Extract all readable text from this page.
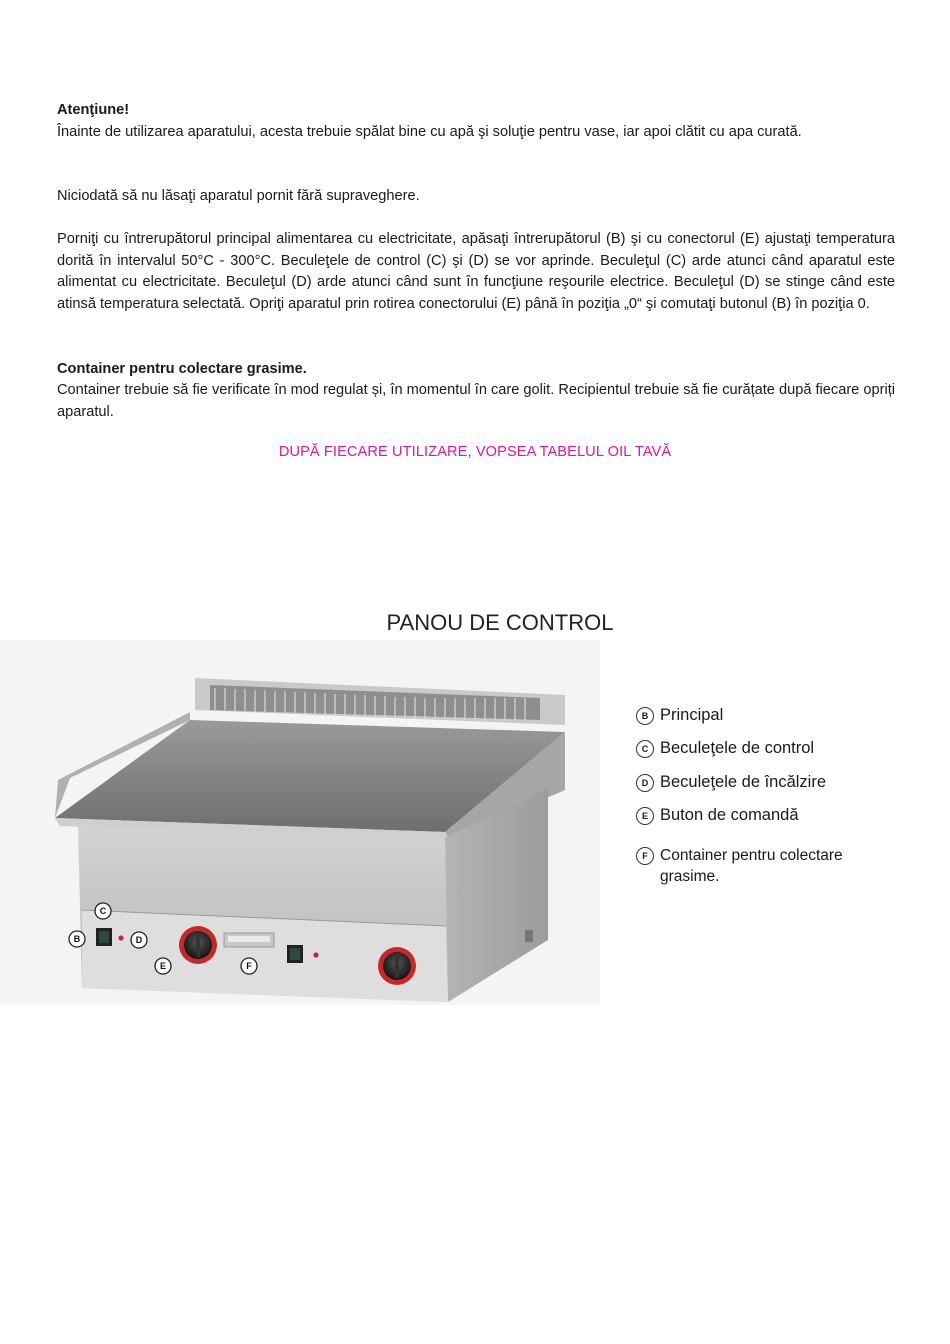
Atenţiune!
Înainte de utilizarea aparatului, acesta trebuie spălat bine cu apă şi soluţie pentru vase, iar apoi clătit cu apa curată.
Niciodată să nu lăsaţi aparatul pornit fără supraveghere.
Porniţi cu întrerupătorul principal alimentarea cu electricitate, apăsaţi întrerupătorul (B) şi cu conectorul (E) ajustaţi temperatura dorită în intervalul 50°C - 300°C. Beculeţele de control (C) şi (D) se vor aprinde. Beculeţul (C) arde atunci când aparatul este alimentat cu electricitate. Beculeţul (D) arde atunci când sunt în funcţiune reşourile electrice. Beculeţul (D) se stinge când este atinsă temperatura selectată. Opriţi aparatul prin rotirea conectorului (E) până în poziţia „0“ şi comutaţi butonul (B) în poziţia 0.
Container pentru colectare grasime.
Container trebuie să fie verificate în mod regulat și, în momentul în care golit. Recipientul trebuie să fie curățate după fiecare opriți aparatul.
DUPĂ FIECARE UTILIZARE, VOPSEA TABELUL OIL TAVĂ
PANOU DE CONTROL
C
B	D
E	F
B Principal
C Beculeţele de control
D Beculeţele de încălzire
E Buton de comandă
F Container pentru colectare grasime.
